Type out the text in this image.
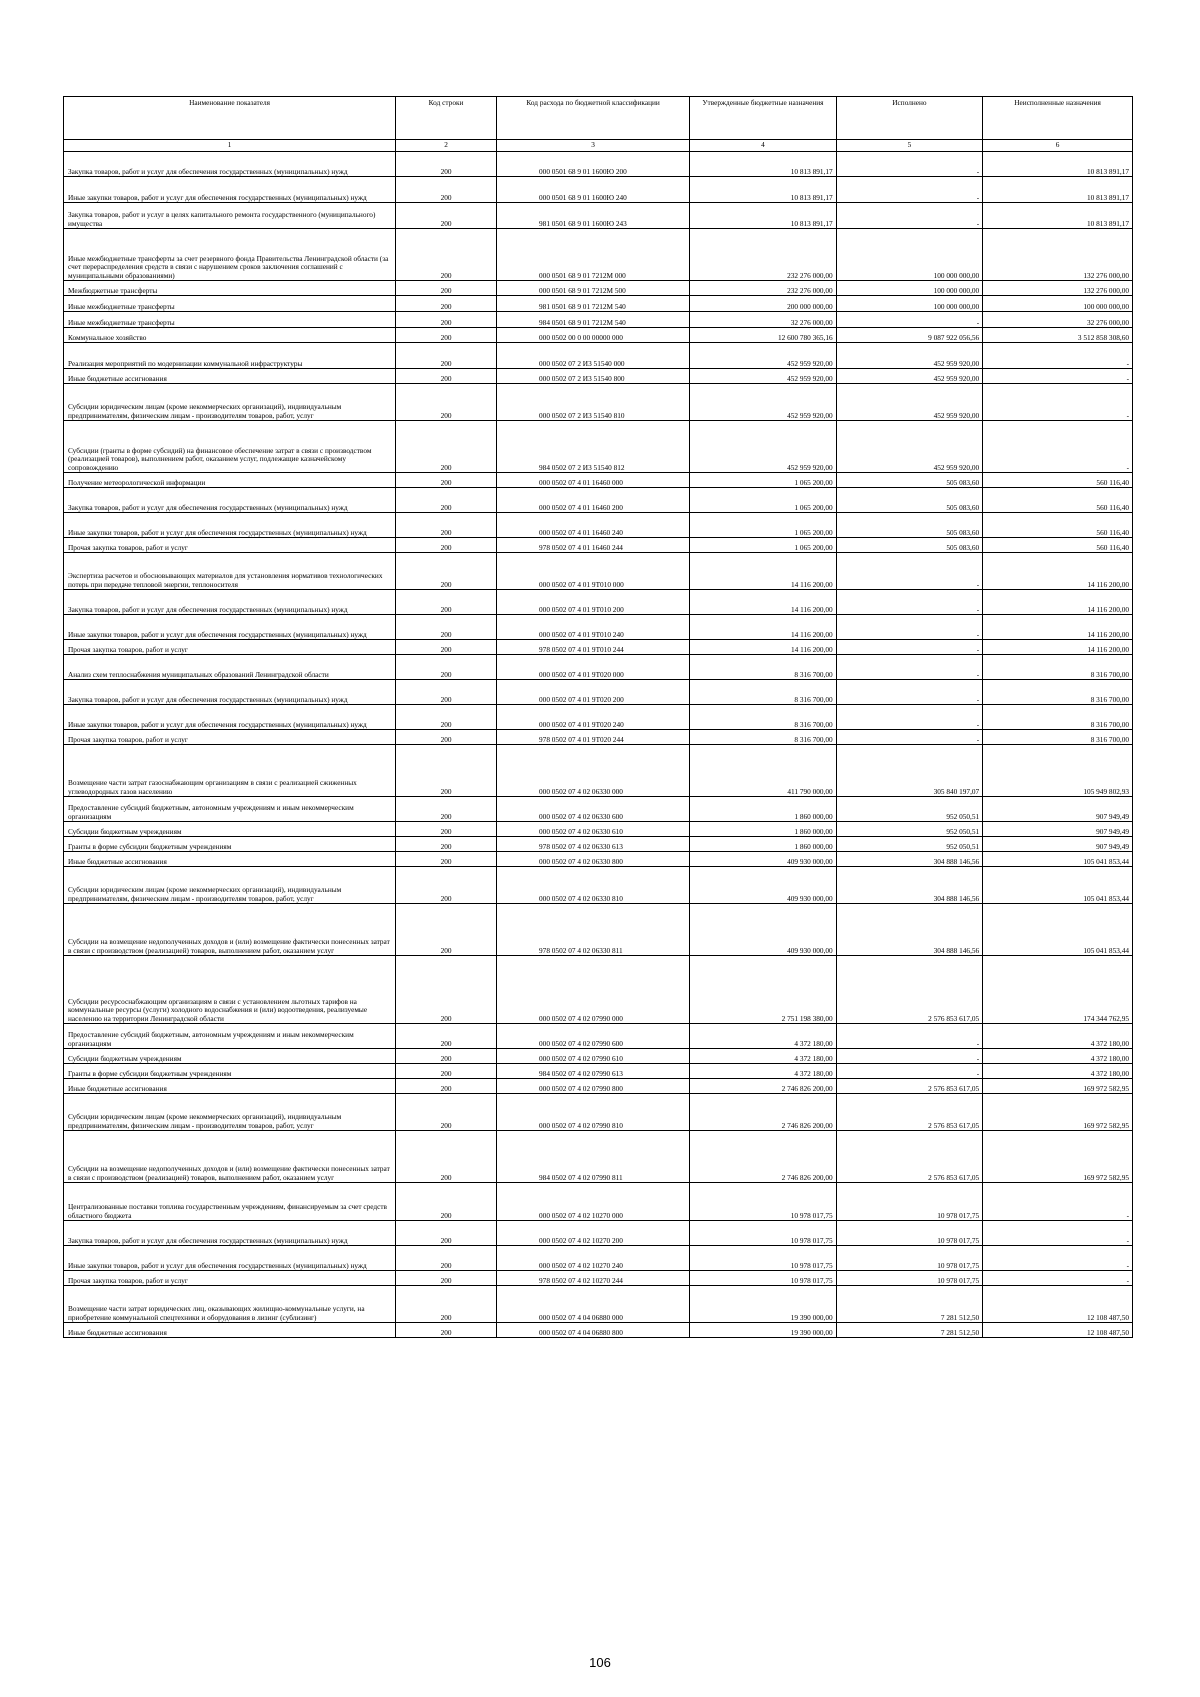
Наименование показателя	Код строки	Код расхода по бюджетной классификации	Утвержденные бюджетные назначения	Исполнено	Неисполненные назначения
1	2	3	4	5	6
Закупка товаров, работ и услуг для обеспечения государственных (муниципальных) нужд	200	000 0501 68 9 01 1600Ю 200	10 813 891,17	-	10 813 891,17
Иные закупки товаров, работ и услуг для обеспечения государственных (муниципальных) нужд	200	000 0501 68 9 01 1600Ю 240	10 813 891,17	-	10 813 891,17
Закупка товаров, работ и услуг в целях капитального ремонта государственного (муниципального) имущества	200	981 0501 68 9 01 1600Ю 243	10 813 891,17	-	10 813 891,17
Иные межбюджетные трансферты за счет резервного фонда Правительства Ленинградской области (за счет перераспределения средств в связи с нарушением сроков заключения соглашений с муниципальными образованиями)	200	000 0501 68 9 01 7212М 000	232 276 000,00	100 000 000,00	132 276 000,00
Межбюджетные трансферты	200	000 0501 68 9 01 7212М 500	232 276 000,00	100 000 000,00	132 276 000,00
Иные межбюджетные трансферты	200	981 0501 68 9 01 7212М 540	200 000 000,00	100 000 000,00	100 000 000,00
Иные межбюджетные трансферты	200	984 0501 68 9 01 7212М 540	32 276 000,00	-	32 276 000,00
Коммунальное хозяйство	200	000 0502 00 0 00 00000 000	12 600 780 365,16	9 087 922 056,56	3 512 858 308,60
Реализация мероприятий по модернизации коммунальной инфраструктуры	200	000 0502 07 2 И3 51540 000	452 959 920,00	452 959 920,00	-
Иные бюджетные ассигнования	200	000 0502 07 2 И3 51540 800	452 959 920,00	452 959 920,00	-
Субсидии юридическим лицам (кроме некоммерческих организаций), индивидуальным предпринимателям, физическим лицам - производителям товаров, работ, услуг	200	000 0502 07 2 И3 51540 810	452 959 920,00	452 959 920,00	-
Субсидии (гранты в форме субсидий) на финансовое обеспечение затрат в связи с производством (реализацией товаров), выполнением работ, оказанием услуг, подлежащие казначейскому сопровождению	200	984 0502 07 2 И3 51540 812	452 959 920,00	452 959 920,00	-
Получение метеорологической информации	200	000 0502 07 4 01 16460 000	1 065 200,00	505 083,60	560 116,40
Закупка товаров, работ и услуг для обеспечения государственных (муниципальных) нужд	200	000 0502 07 4 01 16460 200	1 065 200,00	505 083,60	560 116,40
Иные закупки товаров, работ и услуг для обеспечения государственных (муниципальных) нужд	200	000 0502 07 4 01 16460 240	1 065 200,00	505 083,60	560 116,40
Прочая закупка товаров, работ и услуг	200	978 0502 07 4 01 16460 244	1 065 200,00	505 083,60	560 116,40
Экспертиза расчетов и обосновывающих материалов для установления нормативов технологических потерь при передаче тепловой энергии, теплоносителя	200	000 0502 07 4 01 9Т010 000	14 116 200,00	-	14 116 200,00
Закупка товаров, работ и услуг для обеспечения государственных (муниципальных) нужд	200	000 0502 07 4 01 9Т010 200	14 116 200,00	-	14 116 200,00
Иные закупки товаров, работ и услуг для обеспечения государственных (муниципальных) нужд	200	000 0502 07 4 01 9Т010 240	14 116 200,00	-	14 116 200,00
Прочая закупка товаров, работ и услуг	200	978 0502 07 4 01 9Т010 244	14 116 200,00	-	14 116 200,00
Анализ схем теплоснабжения муниципальных образований Ленинградской области	200	000 0502 07 4 01 9Т020 000	8 316 700,00	-	8 316 700,00
Закупка товаров, работ и услуг для обеспечения государственных (муниципальных) нужд	200	000 0502 07 4 01 9Т020 200	8 316 700,00	-	8 316 700,00
Иные закупки товаров, работ и услуг для обеспечения государственных (муниципальных) нужд	200	000 0502 07 4 01 9Т020 240	8 316 700,00	-	8 316 700,00
Прочая закупка товаров, работ и услуг	200	978 0502 07 4 01 9Т020 244	8 316 700,00	-	8 316 700,00
Возмещение части затрат газоснабжающим организациям в связи с реализацией сжиженных углеводородных газов населению	200	000 0502 07 4 02 06330 000	411 790 000,00	305 840 197,07	105 949 802,93
Предоставление субсидий бюджетным, автономным учреждениям и иным некоммерческим организациям	200	000 0502 07 4 02 06330 600	1 860 000,00	952 050,51	907 949,49
Субсидии бюджетным учреждениям	200	000 0502 07 4 02 06330 610	1 860 000,00	952 050,51	907 949,49
Гранты в форме субсидии бюджетным учреждениям	200	978 0502 07 4 02 06330 613	1 860 000,00	952 050,51	907 949,49
Иные бюджетные ассигнования	200	000 0502 07 4 02 06330 800	409 930 000,00	304 888 146,56	105 041 853,44
Субсидии юридическим лицам (кроме некоммерческих организаций), индивидуальным предпринимателям, физическим лицам - производителям товаров, работ, услуг	200	000 0502 07 4 02 06330 810	409 930 000,00	304 888 146,56	105 041 853,44
Субсидии на возмещение недополученных доходов и (или) возмещение фактически понесенных затрат в связи с производством (реализацией) товаров, выполнением работ, оказанием услуг	200	978 0502 07 4 02 06330 811	409 930 000,00	304 888 146,56	105 041 853,44
Субсидии ресурсоснабжающим организациям в связи с установлением льготных тарифов на коммунальные ресурсы (услуги) холодного водоснабжения и (или) водоотведения, реализуемые населению на территории Ленинградской области	200	000 0502 07 4 02 07990 000	2 751 198 380,00	2 576 853 617,05	174 344 762,95
Предоставление субсидий бюджетным, автономным учреждениям и иным некоммерческим организациям	200	000 0502 07 4 02 07990 600	4 372 180,00	-	4 372 180,00
Субсидии бюджетным учреждениям	200	000 0502 07 4 02 07990 610	4 372 180,00	-	4 372 180,00
Гранты в форме субсидии бюджетным учреждениям	200	984 0502 07 4 02 07990 613	4 372 180,00	-	4 372 180,00
Иные бюджетные ассигнования	200	000 0502 07 4 02 07990 800	2 746 826 200,00	2 576 853 617,05	169 972 582,95
Субсидии юридическим лицам (кроме некоммерческих организаций), индивидуальным предпринимателям, физическим лицам - производителям товаров, работ, услуг	200	000 0502 07 4 02 07990 810	2 746 826 200,00	2 576 853 617,05	169 972 582,95
Субсидии на возмещение недополученных доходов и (или) возмещение фактически понесенных затрат в связи с производством (реализацией) товаров, выполнением работ, оказанием услуг	200	984 0502 07 4 02 07990 811	2 746 826 200,00	2 576 853 617,05	169 972 582,95
Централизованные поставки топлива государственным учреждениям, финансируемым за счет средств областного бюджета	200	000 0502 07 4 02 10270 000	10 978 017,75	10 978 017,75	-
Закупка товаров, работ и услуг для обеспечения государственных (муниципальных) нужд	200	000 0502 07 4 02 10270 200	10 978 017,75	10 978 017,75	-
Иные закупки товаров, работ и услуг для обеспечения государственных (муниципальных) нужд	200	000 0502 07 4 02 10270 240	10 978 017,75	10 978 017,75	-
Прочая закупка товаров, работ и услуг	200	978 0502 07 4 02 10270 244	10 978 017,75	10 978 017,75	-
Возмещение части затрат юридических лиц, оказывающих жилищно-коммунальные услуги, на приобретение коммунальной спецтехники и оборудования в лизинг (сублизинг)	200	000 0502 07 4 04 06880 000	19 390 000,00	7 281 512,50	12 108 487,50
Иные бюджетные ассигнования	200	000 0502 07 4 04 06880 800	19 390 000,00	7 281 512,50	12 108 487,50
106
